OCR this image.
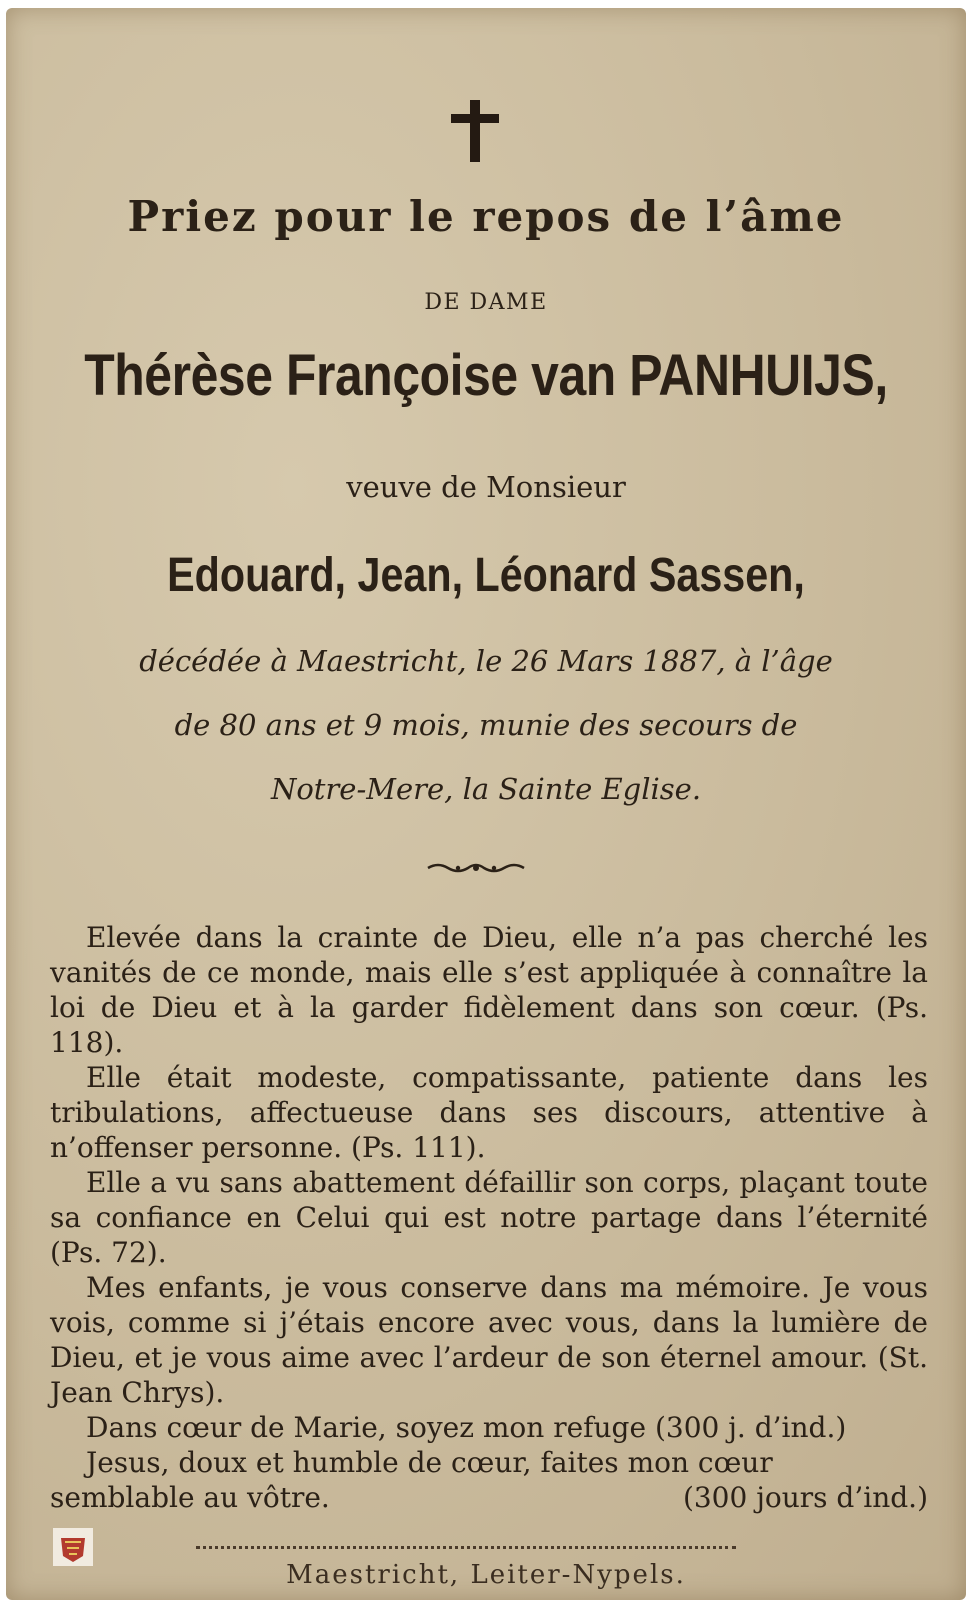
Priez pour le repos de l’âme
DE DAME
Thérèse Françoise van PANHUIJS,
veuve de Monsieur
Edouard, Jean, Léonard Sassen,
décédée à Maestricht, le 26 Mars 1887, à l’âge
de 80 ans et 9 mois, munie des secours de
Notre-Mere, la Sainte Eglise.

Elevée dans la crainte de Dieu, elle n’a pas cherché les vanités de ce monde, mais elle s’est appliquée à connaître la loi de Dieu et à la garder fidèlement dans son cœur. (Ps. 118).

Elle était modeste, compatissante, patiente dans les tribulations, affectueuse dans ses discours, attentive à n’offenser personne. (Ps. 111).

Elle a vu sans abattement défaillir son corps, plaçant toute sa confiance en Celui qui est notre partage dans l’éternité (Ps. 72).

Mes enfants, je vous conserve dans ma mémoire. Je vous vois, comme si j’étais encore avec vous, dans la lumière de Dieu, et je vous aime avec l’ardeur de son éternel amour. (St. Jean Chrys).

Dans cœur de Marie, soyez mon refuge (300 j. d’ind.)

Jesus, doux et humble de cœur, faites mon cœur

semblable au vôtre.	(300 jours d’ind.)
Maestricht, Leiter-Nypels.
